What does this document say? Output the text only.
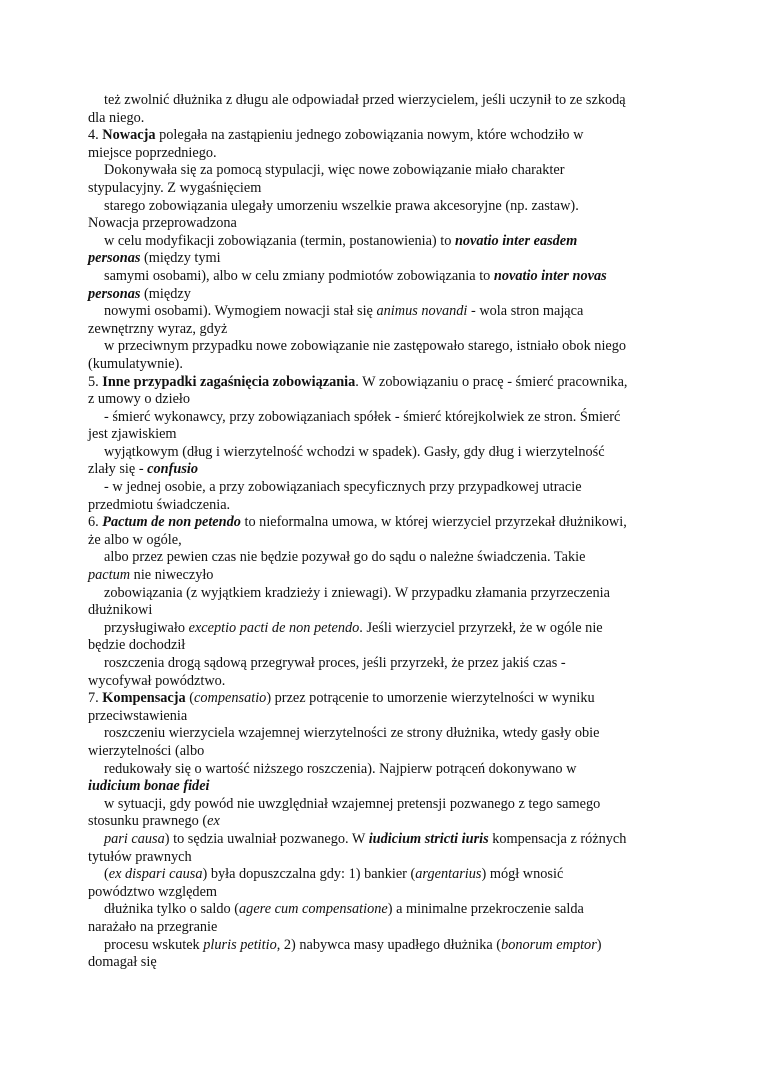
też zwolnić dłużnika z długu ale odpowiadał przed wierzycielem, jeśli uczynił to ze szkodą
dla niego.
4. Nowacja polegała na zastąpieniu jednego zobowiązania nowym, które wchodziło w
miejsce poprzedniego.
Dokonywała się za pomocą stypulacji, więc nowe zobowiązanie miało charakter
stypulacyjny. Z wygaśnięciem
starego zobowiązania ulegały umorzeniu wszelkie prawa akcesoryjne (np. zastaw).
Nowacja przeprowadzona
w celu modyfikacji zobowiązania (termin, postanowienia) to novatio inter easdem
personas (między tymi
samymi osobami), albo w celu zmiany podmiotów zobowiązania to novatio inter novas
personas (między
nowymi osobami). Wymogiem nowacji stał się animus novandi - wola stron mająca
zewnętrzny wyraz, gdyż
w przeciwnym przypadku nowe zobowiązanie nie zastępowało starego, istniało obok niego
(kumulatywnie).
5. Inne przypadki zagaśnięcia zobowiązania. W zobowiązaniu o pracę - śmierć pracownika,
z umowy o dzieło
- śmierć wykonawcy, przy zobowiązaniach spółek - śmierć którejkolwiek ze stron. Śmierć
jest zjawiskiem
wyjątkowym (dług i wierzytelność wchodzi w spadek). Gasły, gdy dług i wierzytelność
zlały się - confusio
- w jednej osobie, a przy zobowiązaniach specyficznych przy przypadkowej utracie
przedmiotu świadczenia.
6. Pactum de non petendo to nieformalna umowa, w której wierzyciel przyrzekał dłużnikowi,
że albo w ogóle,
albo przez pewien czas nie będzie pozywał go do sądu o należne świadczenia. Takie
pactum nie niweczyło
zobowiązania (z wyjątkiem kradzieży i zniewagi). W przypadku złamania przyrzeczenia
dłużnikowi
przysługiwało exceptio pacti de non petendo. Jeśli wierzyciel przyrzekł, że w ogóle nie
będzie dochodził
roszczenia drogą sądową przegrywał proces, jeśli przyrzekł, że przez jakiś czas -
wycofywał powództwo.
7. Kompensacja (compensatio) przez potrącenie to umorzenie wierzytelności w wyniku
przeciwstawienia
roszczeniu wierzyciela wzajemnej wierzytelności ze strony dłużnika, wtedy gasły obie
wierzytelności (albo
redukowały się o wartość niższego roszczenia). Najpierw potrąceń dokonywano w
iudicium bonae fidei
w sytuacji, gdy powód nie uwzględniał wzajemnej pretensji pozwanego z tego samego
stosunku prawnego (ex
pari causa) to sędzia uwalniał pozwanego. W iudicium stricti iuris kompensacja z różnych
tytułów prawnych
(ex dispari causa) była dopuszczalna gdy: 1) bankier (argentarius) mógł wnosić
powództwo względem
dłużnika tylko o saldo (agere cum compensatione) a minimalne przekroczenie salda
narażało na przegranie
procesu wskutek pluris petitio, 2) nabywca masy upadłego dłużnika (bonorum emptor)
domagał się
